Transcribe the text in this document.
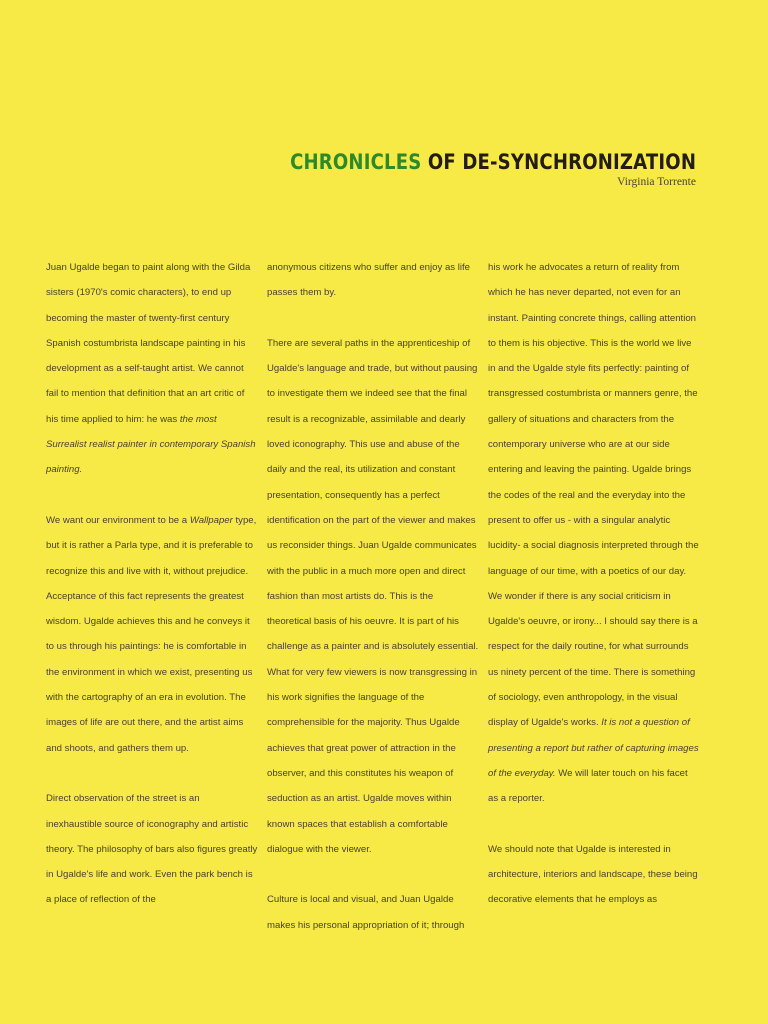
CHRONICLES OF DE-SYNCHRONIZATION
Virginia Torrente

Juan Ugalde began to paint along with the Gilda sisters (1970's comic characters), to end up becoming the master of twenty-first century Spanish costumbrista landscape painting in his development as a self-taught artist. We cannot fail to mention that definition that an art critic of his time applied to him: he was the most Surrealist realist painter in contemporary Spanish painting.

We want our environment to be a Wallpaper type, but it is rather a Parla type, and it is preferable to recognize this and live with it, without prejudice. Acceptance of this fact represents the greatest wisdom. Ugalde achieves this and he conveys it to us through his paintings: he is comfortable in the environment in which we exist, presenting us with the cartography of an era in evolution. The images of life are out there, and the artist aims and shoots, and gathers them up.

Direct observation of the street is an inexhaustible source of iconography and artistic theory. The philosophy of bars also figures greatly in Ugalde's life and work. Even the park bench is a place of reflection of the

anonymous citizens who suffer and enjoy as life passes them by.

There are several paths in the apprenticeship of Ugalde's language and trade, but without pausing to investigate them we indeed see that the final result is a recognizable, assimilable and dearly loved iconography. This use and abuse of the daily and the real, its utilization and constant presentation, consequently has a perfect identification on the part of the viewer and makes us reconsider things. Juan Ugalde communicates with the public in a much more open and direct fashion than most artists do. This is the theoretical basis of his oeuvre. It is part of his challenge as a painter and is absolutely essential. What for very few viewers is now transgressing in his work signifies the language of the comprehensible for the majority. Thus Ugalde achieves that great power of attraction in the observer, and this constitutes his weapon of seduction as an artist. Ugalde moves within known spaces that establish a comfortable dialogue with the viewer.

Culture is local and visual, and Juan Ugalde makes his personal appropriation of it; through

his work he advocates a return of reality from which he has never departed, not even for an instant. Painting concrete things, calling attention to them is his objective. This is the world we live in and the Ugalde style fits perfectly: painting of transgressed costumbrista or manners genre, the gallery of situations and characters from the contemporary universe who are at our side entering and leaving the painting. Ugalde brings the codes of the real and the everyday into the present to offer us - with a singular analytic lucidity- a social diagnosis interpreted through the language of our time, with a poetics of our day. We wonder if there is any social criticism in Ugalde's oeuvre, or irony... I should say there is a respect for the daily routine, for what surrounds us ninety percent of the time. There is something of sociology, even anthropology, in the visual display of Ugalde's works. It is not a question of presenting a report but rather of capturing images of the everyday. We will later touch on his facet as a reporter.

We should note that Ugalde is interested in architecture, interiors and landscape, these being decorative elements that he employs as
